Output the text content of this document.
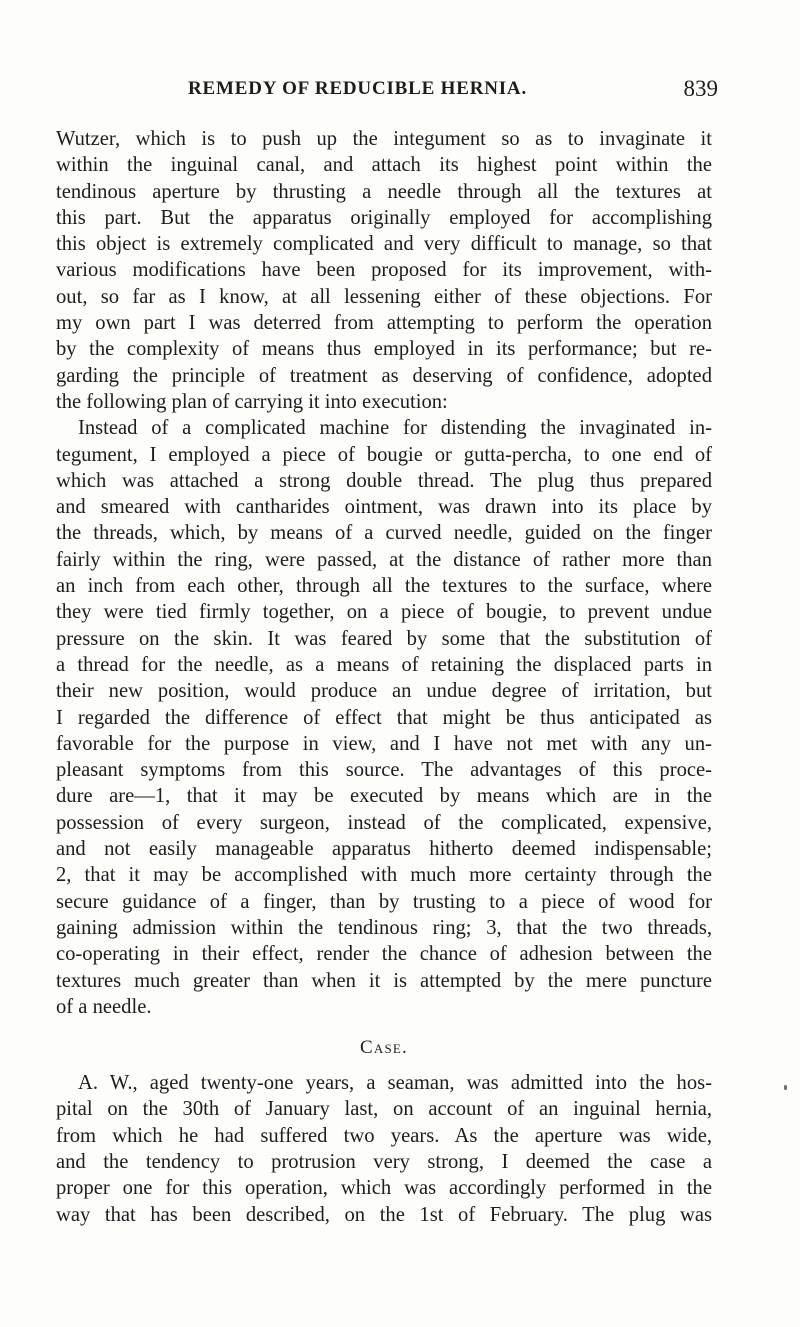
REMEDY OF REDUCIBLE HERNIA.	839
Wutzer, which is to push up the integument so as to invaginate it
within the inguinal canal, and attach its highest point within the
tendinous aperture by thrusting a needle through all the textures at
this part. But the apparatus originally employed for accomplishing
this object is extremely complicated and very difficult to manage, so that
various modifications have been proposed for its improvement, with-
out, so far as I know, at all lessening either of these objections. For
my own part I was deterred from attempting to perform the operation
by the complexity of means thus employed in its performance; but re-
garding the principle of treatment as deserving of confidence, adopted
the following plan of carrying it into execution:
Instead of a complicated machine for distending the invaginated in-
tegument, I employed a piece of bougie or gutta-percha, to one end of
which was attached a strong double thread. The plug thus prepared
and smeared with cantharides ointment, was drawn into its place by
the threads, which, by means of a curved needle, guided on the finger
fairly within the ring, were passed, at the distance of rather more than
an inch from each other, through all the textures to the surface, where
they were tied firmly together, on a piece of bougie, to prevent undue
pressure on the skin. It was feared by some that the substitution of
a thread for the needle, as a means of retaining the displaced parts in
their new position, would produce an undue degree of irritation, but
I regarded the difference of effect that might be thus anticipated as
favorable for the purpose in view, and I have not met with any un-
pleasant symptoms from this source. The advantages of this proce-
dure are—1, that it may be executed by means which are in the
possession of every surgeon, instead of the complicated, expensive,
and not easily manageable apparatus hitherto deemed indispensable;
2, that it may be accomplished with much more certainty through the
secure guidance of a finger, than by trusting to a piece of wood for
gaining admission within the tendinous ring; 3, that the two threads,
co-operating in their effect, render the chance of adhesion between the
textures much greater than when it is attempted by the mere puncture
of a needle.
Case.
A. W., aged twenty-one years, a seaman, was admitted into the hos-
pital on the 30th of January last, on account of an inguinal hernia,
from which he had suffered two years. As the aperture was wide,
and the tendency to protrusion very strong, I deemed the case a
proper one for this operation, which was accordingly performed in the
way that has been described, on the 1st of February. The plug was
